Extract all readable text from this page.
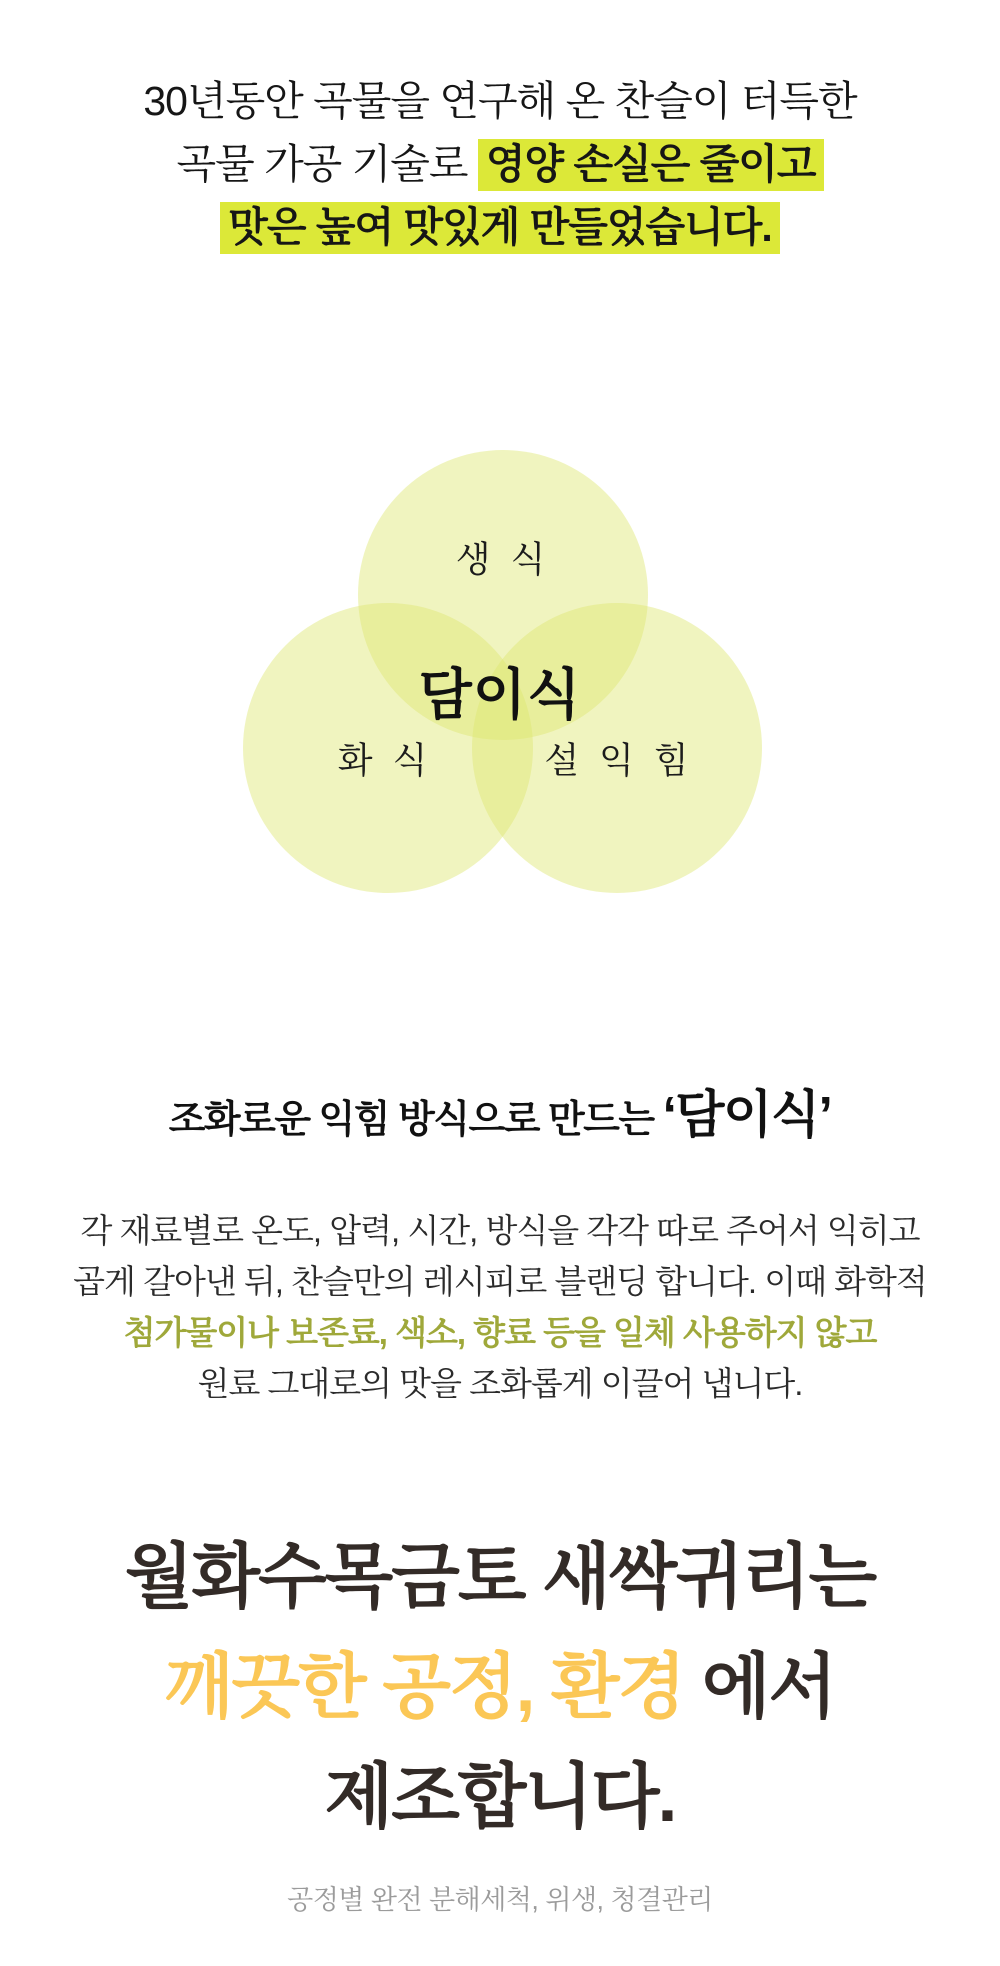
30년동안 곡물을 연구해 온 찬슬이 터득한
곡물 가공 기술로 영양 손실은 줄이고
맛은 높여 맛있게 만들었습니다.
생 식
담이식
화 식	설 익 힘
조화로운 익힘 방식으로 만드는 ‘담이식’
각 재료별로 온도, 압력, 시간, 방식을 각각 따로 주어서 익히고
곱게 갈아낸 뒤, 찬슬만의 레시피로 블랜딩 합니다. 이때 화학적
첨가물이나 보존료, 색소, 향료 등을 일체 사용하지 않고
원료 그대로의 맛을 조화롭게 이끌어 냅니다.
월화수목금토 새싹귀리는
깨끗한 공정, 환경 에서
제조합니다.
공정별 완전 분해세척, 위생, 청결관리
